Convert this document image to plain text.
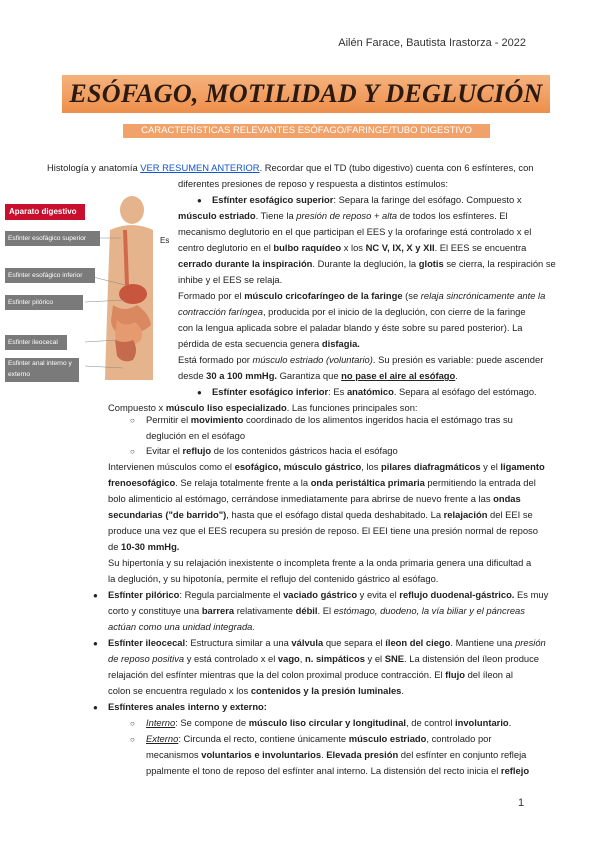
Ailén Farace, Bautista Irastorza - 2022
ESÓFAGO, MOTILIDAD Y DEGLUCIÓN
CARACTERÍSTICAS RELEVANTES ESÓFAGO/FARINGE/TUBO DIGESTIVO
Histología y anatomía VER RESUMEN ANTERIOR. Recordar que el TD (tubo digestivo) cuenta con 6 esfínteres, con
diferentes presiones de reposo y respuesta a distintos estímulos:
Aparato digestivo
Esfinter esofágico superior
Esfinter esofágico inferior
Esfinter pilórico
Esfinter ileocecal
Esfinter anal interno y externo
Es
● Esfínter esofágico superior: Separa la faringe del esófago. Compuesto x
músculo estriado. Tiene la presión de reposo + alta de todos los esfínteres. El
mecanismo deglutorio en el que participan el EES y la orofaringe está controlado x el
centro deglutorio en el bulbo raquídeo x los NC V, IX, X y XII. El EES se encuentra
cerrado durante la inspiración. Durante la deglución, la glotis se cierra, la respiración se
inhibe y el EES se relaja.
Formado por el músculo cricofaríngeo de la faringe (se relaja sincrónicamente ante la
contracción faríngea, producida por el inicio de la deglución, con cierre de la faringe
con la lengua aplicada sobre el paladar blando y éste sobre su pared posterior). La
pérdida de esta secuencia genera disfagia.
Está formado por músculo estriado (voluntario). Su presión es variable: puede ascender
desde 30 a 100 mmHg. Garantiza que no pase el aire al esófago.
● Esfínter esofágico inferior: Es anatómico. Separa al esófago del estómago.
Compuesto x músculo liso especializado. Las funciones principales son:
○ Permitir el movimiento coordinado de los alimentos ingeridos hacia el estómago tras su
deglución en el esófago
○ Evitar el reflujo de los contenidos gástricos hacia el esófago
Intervienen músculos como el esofágico, músculo gástrico, los pilares diafragmáticos y el ligamento
frenoesofágico. Se relaja totalmente frente a la onda peristáltica primaria permitiendo la entrada del
bolo alimenticio al estómago, cerrándose inmediatamente para abrirse de nuevo frente a las ondas
secundarias ("de barrido"), hasta que el esófago distal queda deshabitado. La relajación del EEI se
produce una vez que el EES recupera su presión de reposo. El EEI tiene una presión normal de reposo
de 10-30 mmHg.
Su hipertonía y su relajación inexistente o incompleta frente a la onda primaria genera una dificultad a
la deglución, y su hipotonía, permite el reflujo del contenido gástrico al esófago.
● Esfínter pilórico: Regula parcialmente el vaciado gástrico y evita el reflujo duodenal-gástrico. Es muy
corto y constituye una barrera relativamente débil. El estómago, duodeno, la vía biliar y el páncreas
actúan como una unidad integrada.
● Esfínter ileocecal: Estructura similar a una válvula que separa el íleon del ciego. Mantiene una presión
de reposo positiva y está controlado x el vago, n. simpáticos y el SNE. La distensión del íleon produce
relajación del esfínter mientras que la del colon proximal produce contracción. El flujo del íleon al
colon se encuentra regulado x los contenidos y la presión luminales.
● Esfínteres anales interno y externo:
○ Interno: Se compone de músculo liso circular y longitudinal, de control involuntario.
○ Externo: Circunda el recto, contiene únicamente músculo estriado, controlado por
mecanismos voluntarios e involuntarios. Elevada presión del esfínter en conjunto refleja
ppalmente el tono de reposo del esfínter anal interno. La distensión del recto inicia el reflejo
1
